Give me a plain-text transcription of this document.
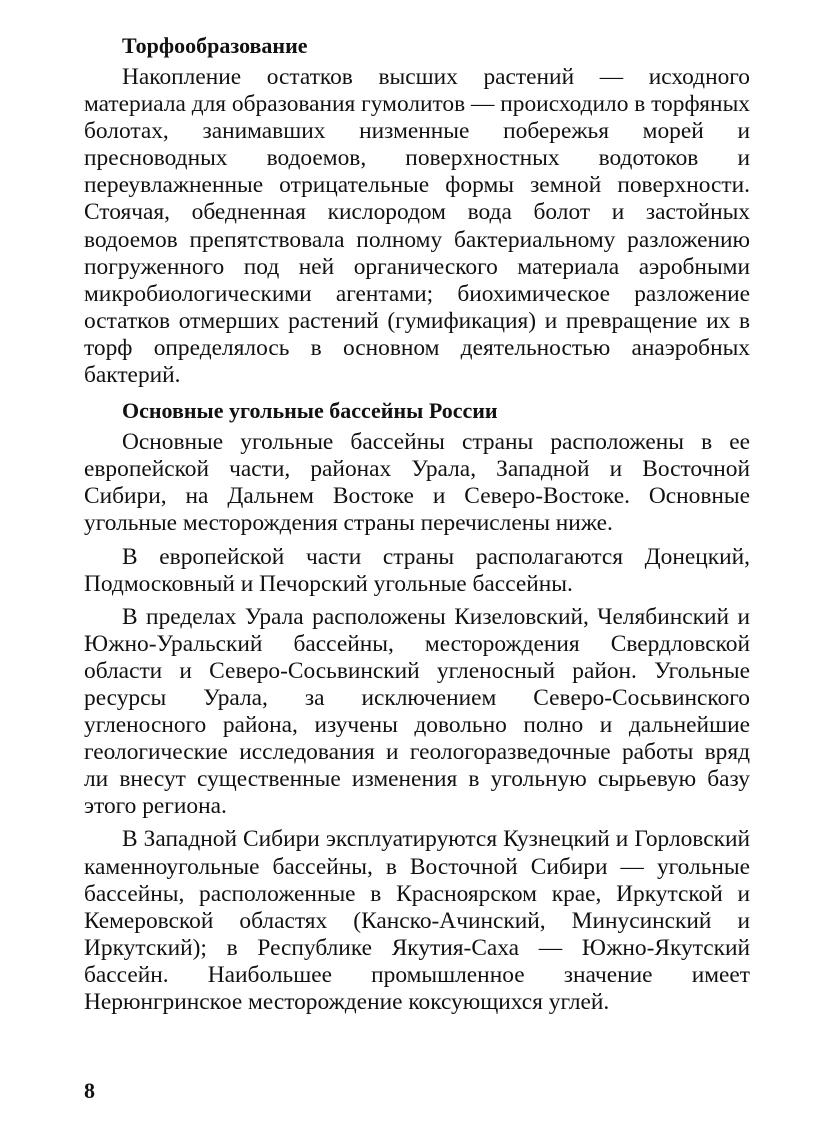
Торфообразование

Накопление остатков высших растений — исходного материала для образования гумолитов — происходило в торфяных болотах, занимавших низменные побережья морей и пресноводных водоемов, поверхностных водотоков и переувлажненные отрицательные формы земной поверхности. Стоячая, обедненная кислородом вода болот и застойных водоемов препятствовала полному бактериальному разложению погруженного под ней органического материала аэробными микробиологическими агентами; биохимическое разложение остатков отмерших растений (гумификация) и превращение их в торф определялось в основном деятельностью анаэробных бактерий.

Основные угольные бассейны России

Основные угольные бассейны страны расположены в ее европейской части, районах Урала, Западной и Восточной Сибири, на Дальнем Востоке и Северо-Востоке. Основные угольные месторождения страны перечислены ниже.

В европейской части страны располагаются Донецкий, Подмосковный и Печорский угольные бассейны.

В пределах Урала расположены Кизеловский, Челябинский и Южно-Уральский бассейны, месторождения Свердловской области и Северо-Сосьвинский угленосный район. Угольные ресурсы Урала, за исключением Северо-Сосьвинского угленосного района, изучены довольно полно и дальнейшие геологические исследования и геологоразведочные работы вряд ли внесут существенные изменения в угольную сырьевую базу этого региона.

В Западной Сибири эксплуатируются Кузнецкий и Горловский каменноугольные бассейны, в Восточной Сибири — угольные бассейны, расположенные в Красноярском крае, Иркутской и Кемеровской областях (Канско-Ачинский, Минусинский и Иркутский); в Республике Якутия-Саха — Южно-Якутский бассейн. Наибольшее промышленное значение имеет Нерюнгринское месторождение коксующихся углей.

8
